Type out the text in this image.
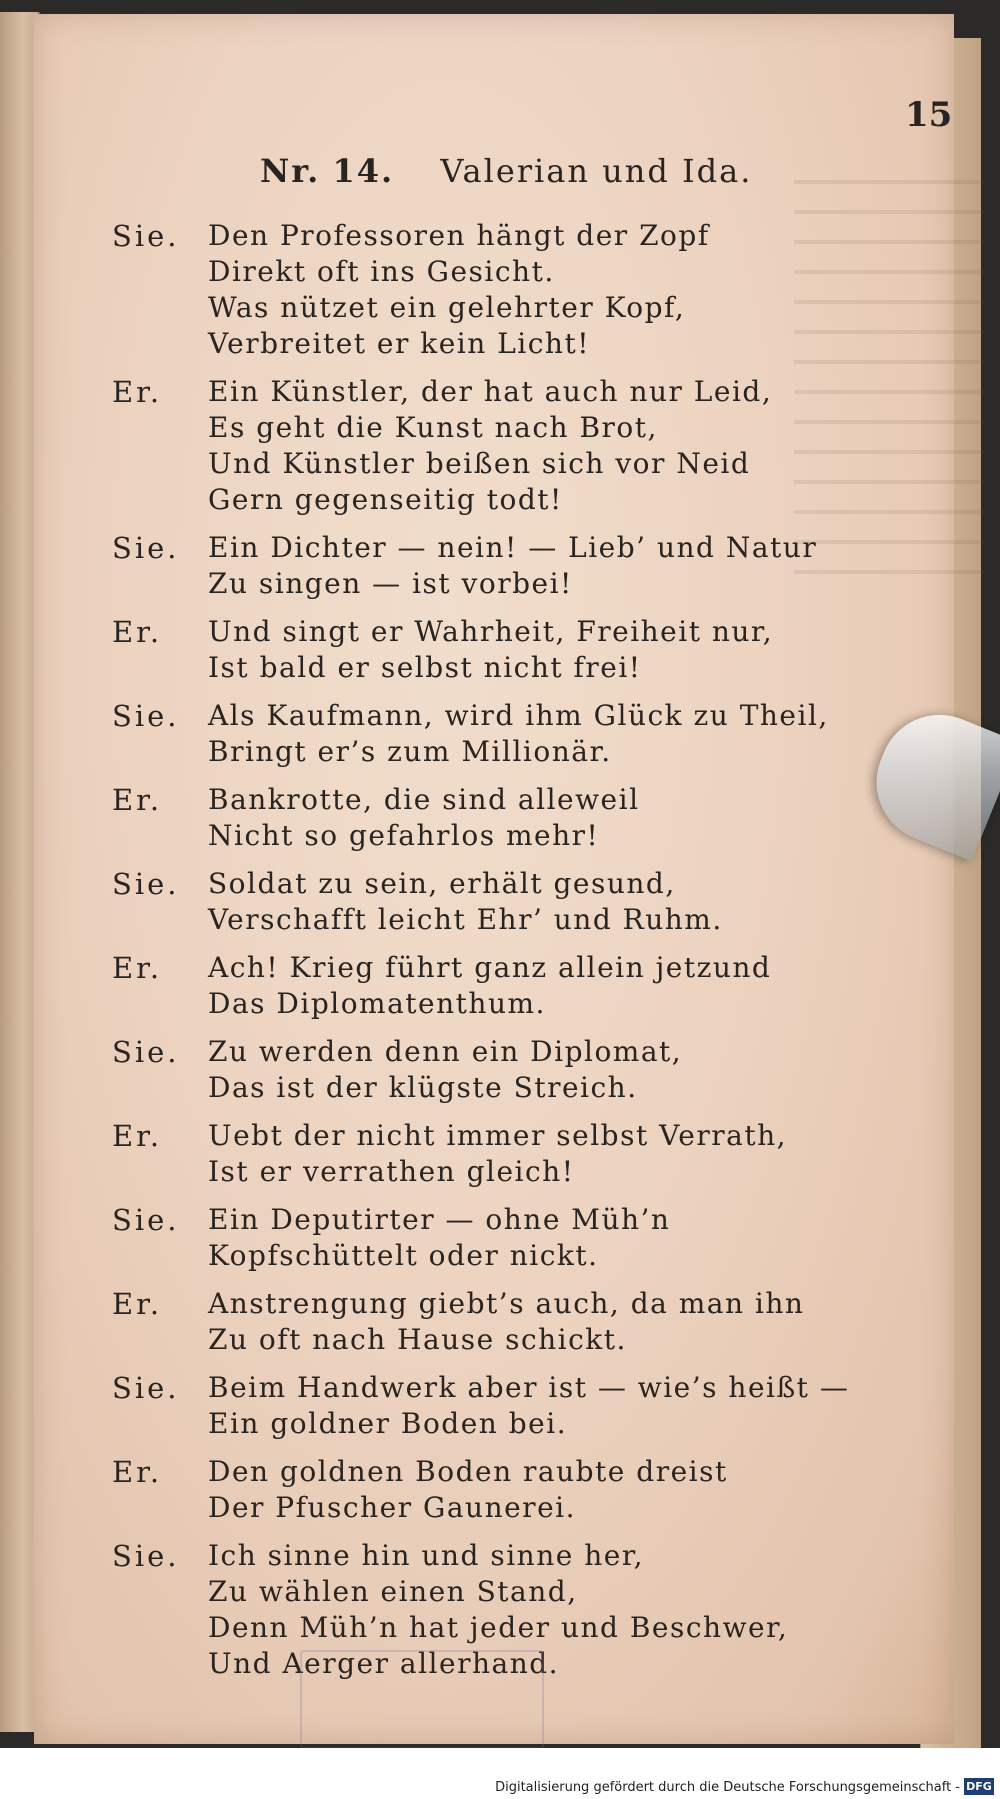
15
Nr. 14. Valerian und Ida.
Sie.	Den Professoren hängt der Zopf
Direkt oft ins Gesicht.
Was nützet ein gelehrter Kopf,
Verbreitet er kein Licht!
Er.	Ein Künstler, der hat auch nur Leid,
Es geht die Kunst nach Brot,
Und Künstler beißen sich vor Neid
Gern gegenseitig todt!
Sie.	Ein Dichter — nein! — Lieb’ und Natur
Zu singen — ist vorbei!
Er.	Und singt er Wahrheit, Freiheit nur,
Ist bald er selbst nicht frei!
Sie.	Als Kaufmann, wird ihm Glück zu Theil,
Bringt er’s zum Millionär.
Er.	Bankrotte, die sind alleweil
Nicht so gefahrlos mehr!
Sie.	Soldat zu sein, erhält gesund,
Verschafft leicht Ehr’ und Ruhm.
Er.	Ach! Krieg führt ganz allein jetzund
Das Diplomatenthum.
Sie.	Zu werden denn ein Diplomat,
Das ist der klügste Streich.
Er.	Uebt der nicht immer selbst Verrath,
Ist er verrathen gleich!
Sie.	Ein Deputirter — ohne Müh’n
Kopfschüttelt oder nickt.
Er.	Anstrengung giebt’s auch, da man ihn
Zu oft nach Hause schickt.
Sie.	Beim Handwerk aber ist — wie’s heißt —
Ein goldner Boden bei.
Er.	Den goldnen Boden raubte dreist
Der Pfuscher Gaunerei.
Sie.	Ich sinne hin und sinne her,
Zu wählen einen Stand,
Denn Müh’n hat jeder und Beschwer,
Und Aerger allerhand.
Digitalisierung gefördert durch die Deutsche Forschungsgemeinschaft - DFG
